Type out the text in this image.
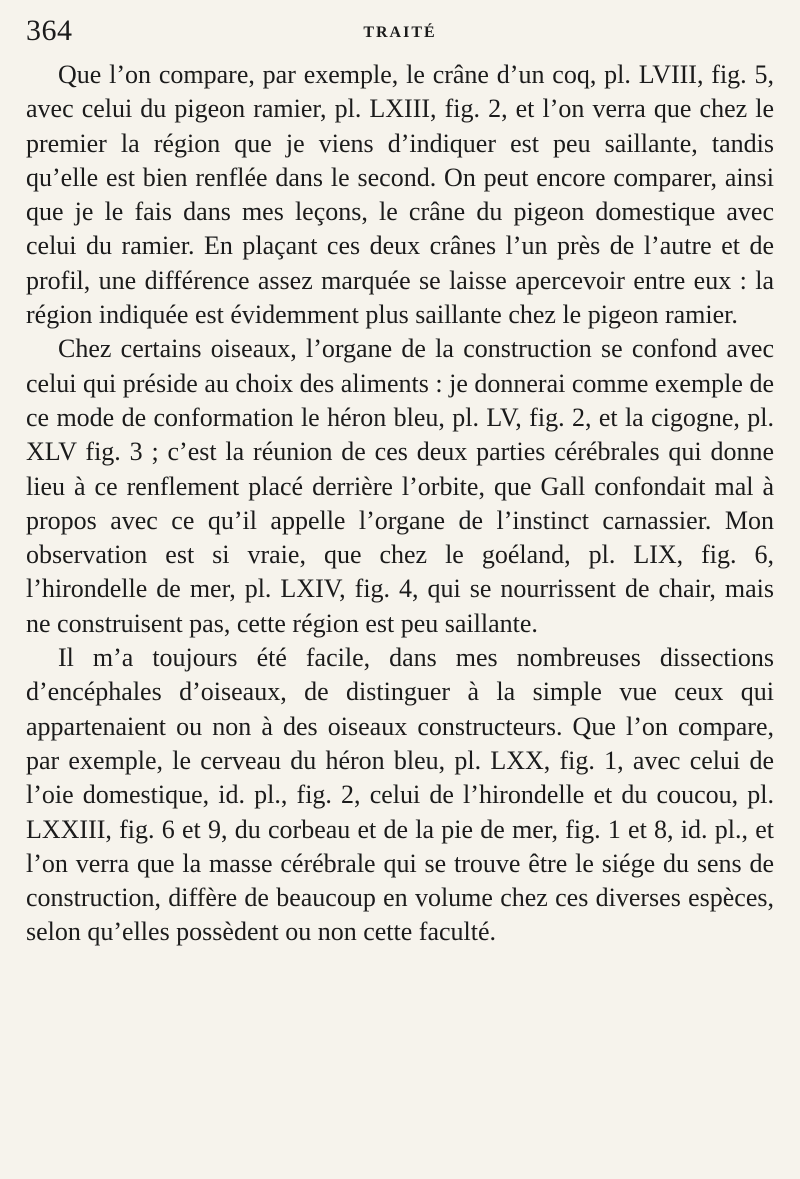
364	TRAITÉ

Que l’on compare, par exemple, le crâne d’un coq, pl. LVIII, fig. 5, avec celui du pigeon ramier, pl. LXIII, fig. 2, et l’on verra que chez le premier la région que je viens d’indiquer est peu saillante, tandis qu’elle est bien renflée dans le second. On peut encore comparer, ainsi que je le fais dans mes leçons, le crâne du pigeon domestique avec celui du ramier. En plaçant ces deux crânes l’un près de l’autre et de profil, une différence assez marquée se laisse apercevoir entre eux : la région indiquée est évidemment plus saillante chez le pigeon ramier.

Chez certains oiseaux, l’organe de la construction se confond avec celui qui préside au choix des aliments : je donnerai comme exemple de ce mode de conformation le héron bleu, pl. LV, fig. 2, et la cigogne, pl. XLV fig. 3 ; c’est la réunion de ces deux parties cérébrales qui donne lieu à ce renflement placé derrière l’orbite, que Gall confondait mal à propos avec ce qu’il appelle l’organe de l’instinct carnassier. Mon observation est si vraie, que chez le goéland, pl. LIX, fig. 6, l’hirondelle de mer, pl. LXIV, fig. 4, qui se nourrissent de chair, mais ne construisent pas, cette région est peu saillante.

Il m’a toujours été facile, dans mes nombreuses dissections d’encéphales d’oiseaux, de distinguer à la simple vue ceux qui appartenaient ou non à des oiseaux constructeurs. Que l’on compare, par exemple, le cerveau du héron bleu, pl. LXX, fig. 1, avec celui de l’oie domestique, id. pl., fig. 2, celui de l’hirondelle et du coucou, pl. LXXIII, fig. 6 et 9, du corbeau et de la pie de mer, fig. 1 et 8, id. pl., et l’on verra que la masse cérébrale qui se trouve être le siége du sens de construction, diffère de beaucoup en volume chez ces diverses espèces, selon qu’elles possèdent ou non cette faculté.
